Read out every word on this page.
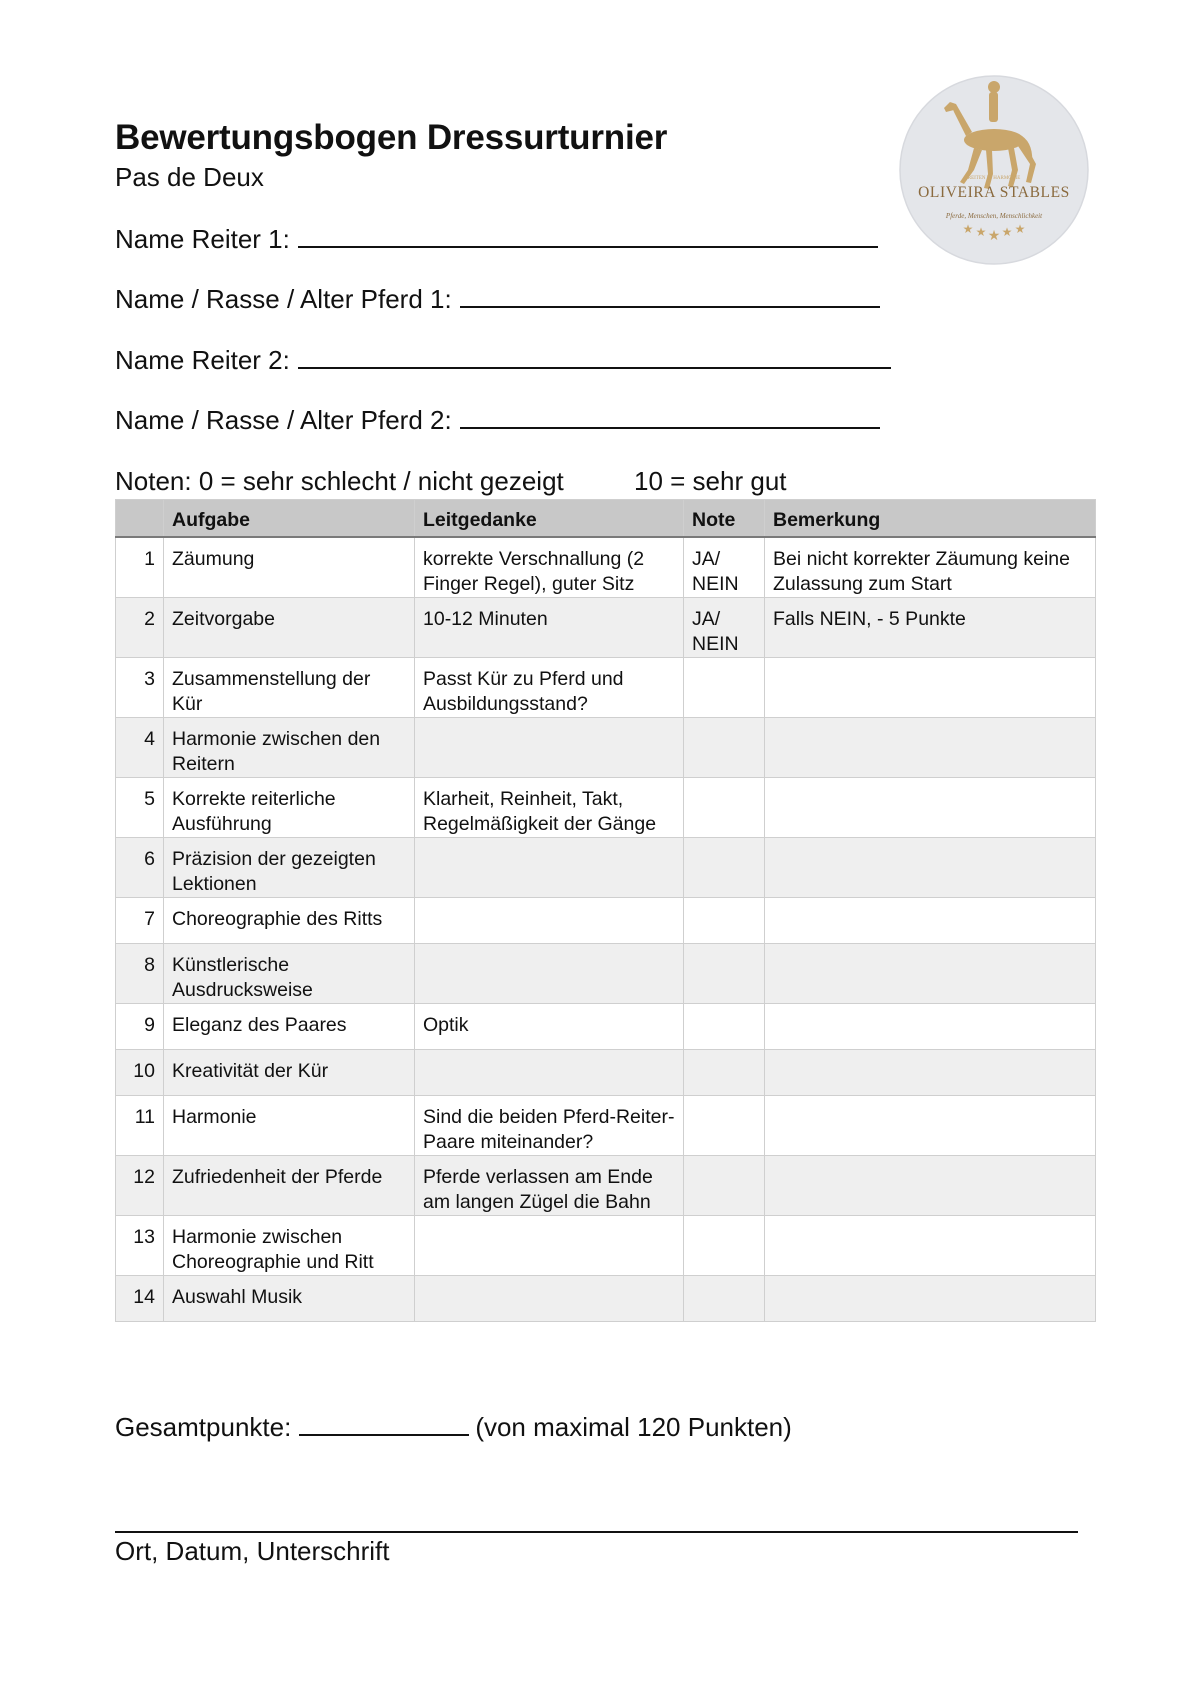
Bewertungsbogen Dressurturnier
Pas de Deux
Name Reiter 1:
Name / Rasse / Alter Pferd 1:
Name Reiter 2:
Name / Rasse / Alter Pferd 2:
Noten: 0 = sehr schlecht / nicht gezeigt	10 = sehr gut
	Aufgabe	Leitgedanke	Note	Bemerkung
1	Zäumung	korrekte Verschnallung (2 Finger Regel), guter Sitz	JA/ NEIN	Bei nicht korrekter Zäumung keine Zulassung zum Start
2	Zeitvorgabe	10-12 Minuten	JA/ NEIN	Falls NEIN, - 5 Punkte
3	Zusammenstellung der Kür	Passt Kür zu Pferd und Ausbildungsstand?		
4	Harmonie zwischen den Reitern			
5	Korrekte reiterliche Ausführung	Klarheit, Reinheit, Takt, Regelmäßigkeit der Gänge		
6	Präzision der gezeigten Lektionen			
7	Choreographie des Ritts			
8	Künstlerische Ausdrucksweise			
9	Eleganz des Paares	Optik		
10	Kreativität der Kür			
11	Harmonie	Sind die beiden Pferd-Reiter-Paare miteinander?		
12	Zufriedenheit der Pferde	Pferde verlassen am Ende am langen Zügel die Bahn		
13	Harmonie zwischen Choreographie und Ritt			
14	Auswahl Musik			
Gesamtpunkte:	(von maximal 120 Punkten)
Ort, Datum, Unterschrift
REITEN IN HARMONIE
OLIVEIRA STABLES
Pferde, Menschen, Menschlichkeit
★ ★ ★ ★ ★
